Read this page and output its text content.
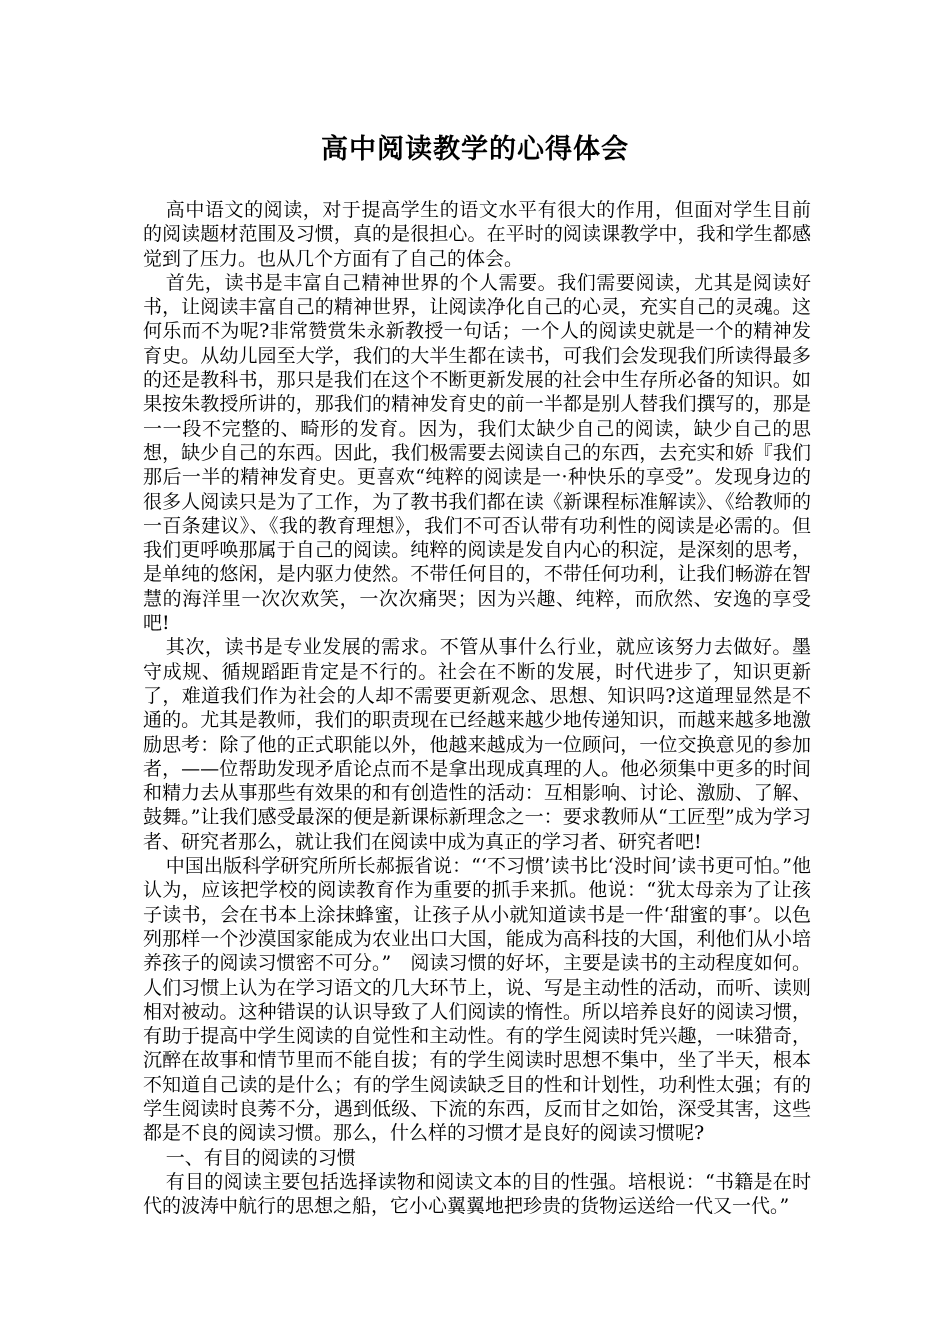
高中阅读教学的心得体会

高中语文的阅读，对于提高学生的语文水平有很大的作用，但面对学生目前的阅读题材范围及习惯，真的是很担心。在平时的阅读课教学中，我和学生都感觉到了压力。也从几个方面有了自己的体会。

首先，读书是丰富自己精神世界的个人需要。我们需要阅读，尤其是阅读好书，让阅读丰富自己的精神世界，让阅读净化自己的心灵，充实自己的灵魂。这何乐而不为呢?非常赞赏朱永新教授一句话；一个人的阅读史就是一个的精神发育史。从幼儿园至大学，我们的大半生都在读书，可我们会发现我们所读得最多的还是教科书，那只是我们在这个不断更新发展的社会中生存所必备的知识。如果按朱教授所讲的，那我们的精神发育史的前一半都是别人替我们撰写的，那是一一段不完整的、畸形的发育。因为，我们太缺少自己的阅读，缺少自己的思想，缺少自己的东西。因此，我们极需要去阅读自己的东西，去充实和娇『我们那后一半的精神发育史。更喜欢“纯粹的阅读是一·种快乐的享受”。发现身边的很多人阅读只是为了工作，为了教书我们都在读《新课程标准解读》、《给教师的一百条建议》、《我的教育理想》，我们不可否认带有功利性的阅读是必需的。但我们更呼唤那属于自己的阅读。纯粹的阅读是发自内心的积淀，是深刻的思考，是单纯的悠闲，是内驱力使然。不带任何目的，不带任何功利，让我们畅游在智慧的海洋里一次次欢笑，一次次痛哭；因为兴趣、纯粹，而欣然、安逸的享受吧!

其次，读书是专业发展的需求。不管从事什么行业，就应该努力去做好。墨守成规、循规蹈距肯定是不行的。社会在不断的发展，时代进步了，知识更新了，难道我们作为社会的人却不需要更新观念、思想、知识吗?这道理显然是不通的。尤其是教师，我们的职责现在已经越来越少地传递知识，而越来越多地激励思考：除了他的正式职能以外，他越来越成为一位顾问，一位交换意见的参加者，——位帮助发现矛盾论点而不是拿出现成真理的人。他必须集中更多的时间和精力去从事那些有效果的和有创造性的活动：互相影响、讨论、激励、了解、鼓舞。”让我们感受最深的便是新课标新理念之一：要求教师从“工匠型”成为学习者、研究者那么，就让我们在阅读中成为真正的学习者、研究者吧!

中国出版科学研究所所长郝振省说：“‘不习惯’读书比‘没时间’读书更可怕。”他认为，应该把学校的阅读教育作为重要的抓手来抓。他说：“犹太母亲为了让孩子读书，会在书本上涂抹蜂蜜，让孩子从小就知道读书是一件‘甜蜜的事’。以色列那样一个沙漠国家能成为农业出口大国，能成为高科技的大国，利他们从小培养孩子的阅读习惯密不可分。”　阅读习惯的好坏，主要是读书的主动程度如何。人们习惯上认为在学习语文的几大环节上，说、写是主动性的活动，而听、读则相对被动。这种错误的认识导致了人们阅读的惰性。所以培养良好的阅读习惯，有助于提高中学生阅读的自觉性和主动性。有的学生阅读时凭兴趣，一味猎奇，沉醉在故事和情节里而不能自拔；有的学生阅读时思想不集中，坐了半天，根本不知道自己读的是什么；有的学生阅读缺乏目的性和计划性，功利性太强；有的学生阅读时良莠不分，遇到低级、下流的东西，反而甘之如饴，深受其害，这些都是不良的阅读习惯。那么，什么样的习惯才是良好的阅读习惯呢?

一、有目的阅读的习惯

有目的阅读主要包括选择读物和阅读文本的目的性强。培根说：“书籍是在时代的波涛中航行的思想之船，它小心翼翼地把珍贵的货物运送给一代又一代。”
